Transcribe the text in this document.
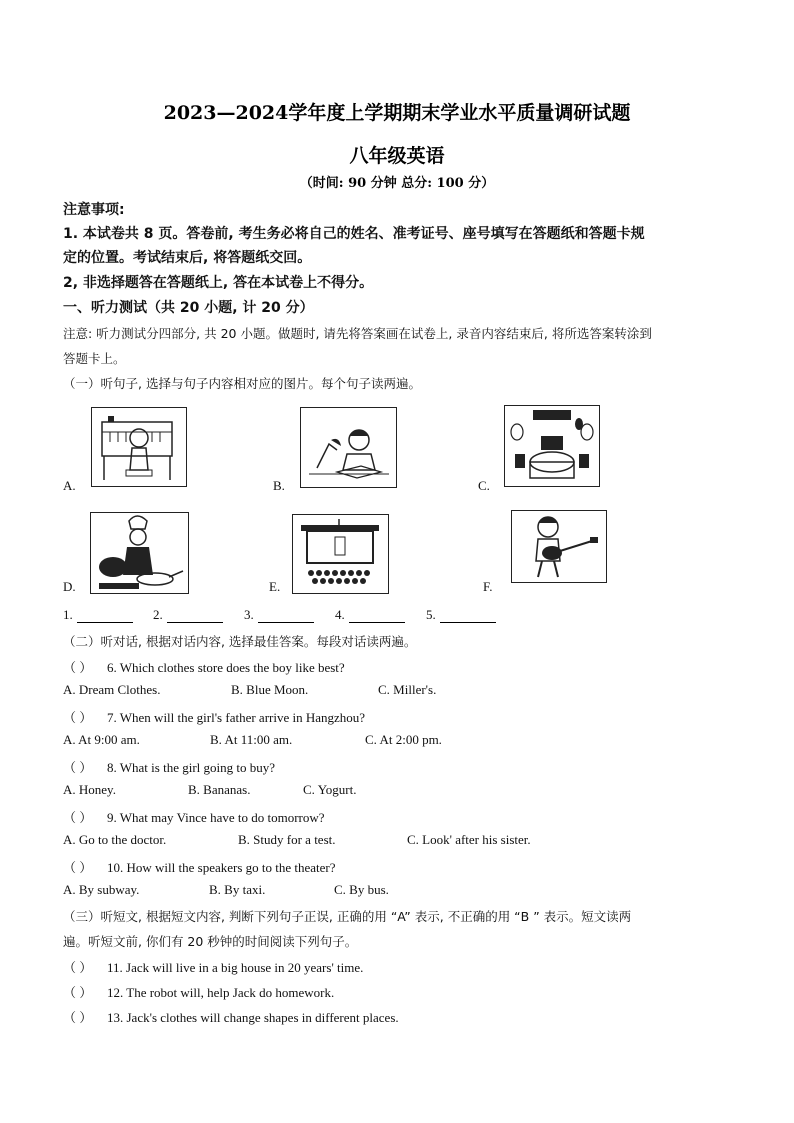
2023—2024学年度上学期期末学业水平质量调研试题
八年级英语
（时间: 90 分钟 总分: 100 分）
注意事项:
1. 本试卷共 8 页。答卷前, 考生务必将自己的姓名、准考证号、座号填写在答题纸和答题卡规
定的位置。考试结束后, 将答题纸交回。
2, 非选择题答在答题纸上, 答在本试卷上不得分。
一、听力测试（共 20 小题, 计 20 分）
注意: 听力测试分四部分, 共 20 小题。做题时, 请先将答案画在试卷上, 录音内容结束后, 将所选答案转涂到
答题卡上。
（一）听句子, 选择与句子内容相对应的图片。每个句子读两遍。
A.	B.	C.
D.	E.	F.
1.	2.	3.	4.	5.
（二）听对话, 根据对话内容, 选择最佳答案。每段对话读两遍。
（ ） 6. Which clothes store does the boy like best?
A. Dream Clothes.	B. Blue Moon.	C. Miller's.
（ ） 7. When will the girl's father arrive in Hangzhou?
A. At 9:00 am.	B. At 11:00 am.	C. At 2:00 pm.
（ ） 8. What is the girl going to buy?
A. Honey.	B. Bananas.	C. Yogurt.
（ ） 9. What may Vince have to do tomorrow?
A. Go to the doctor.	B. Study for a test.	C. Look' after his sister.
（ ） 10. How will the speakers go to the theater?
A. By subway.	B. By taxi.	C. By bus.
（三）听短文, 根据短文内容, 判断下列句子正误, 正确的用 “A” 表示, 不正确的用 “B ” 表示。短文读两
遍。听短文前, 你们有 20 秒钟的时间阅读下列句子。
（ ） 11. Jack will live in a big house in 20 years' time.
（ ） 12. The robot will, help Jack do homework.
（ ） 13. Jack's clothes will change shapes in different places.
